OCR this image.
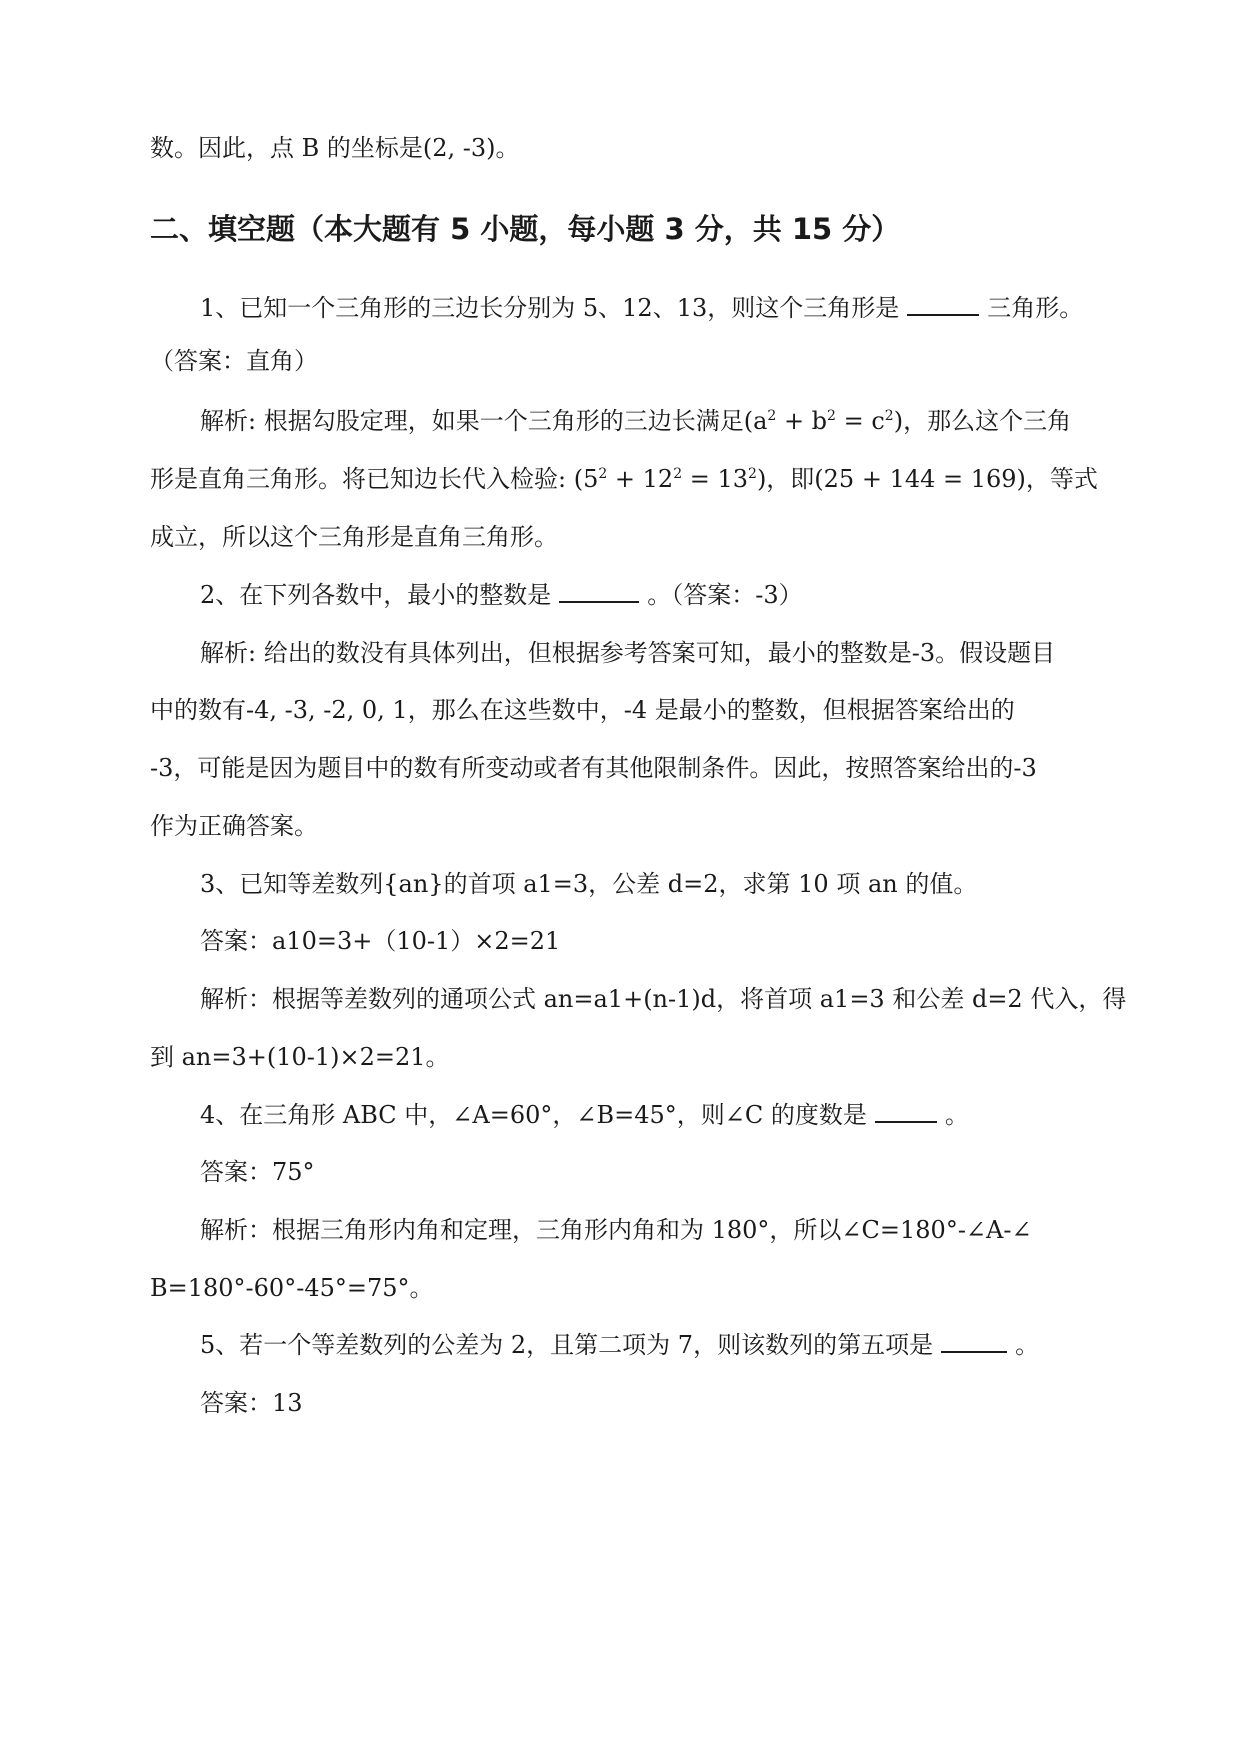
数。因此，点 B 的坐标是(2, -3)。
二、填空题（本大题有 5 小题，每小题 3 分，共 15 分）
1、已知一个三角形的三边长分别为 5、12、13，则这个三角形是	三角形。
（答案：直角）
解析: 根据勾股定理，如果一个三角形的三边长满足$(a^2 + b^2 = c^2)$，那么这个三角
形是直角三角形。将已知边长代入检验: $(5^2 + 12^2 = 13^2)$，即(25 + 144 = 169)，等式
成立，所以这个三角形是直角三角形。
2、在下列各数中，最小的整数是	。（答案：-3）
解析: 给出的数没有具体列出，但根据参考答案可知，最小的整数是-3。假设题目
中的数有-4, -3, -2, 0, 1，那么在这些数中，-4 是最小的整数，但根据答案给出的
-3，可能是因为题目中的数有所变动或者有其他限制条件。因此，按照答案给出的-3
作为正确答案。
3、已知等差数列{an}的首项 a1=3，公差 d=2，求第 10 项 an 的值。
答案：a10=3+（10-1）×2=21
解析：根据等差数列的通项公式 an=a1+(n-1)d，将首项 a1=3 和公差 d=2 代入，得
到 an=3+(10-1)×2=21。
4、在三角形 ABC 中，∠A=60°，∠B=45°，则∠C 的度数是	。
答案：75°
解析：根据三角形内角和定理，三角形内角和为 180°，所以∠C=180°-∠A-∠
B=180°-60°-45°=75°。
5、若一个等差数列的公差为 2，且第二项为 7，则该数列的第五项是	。
答案：13
